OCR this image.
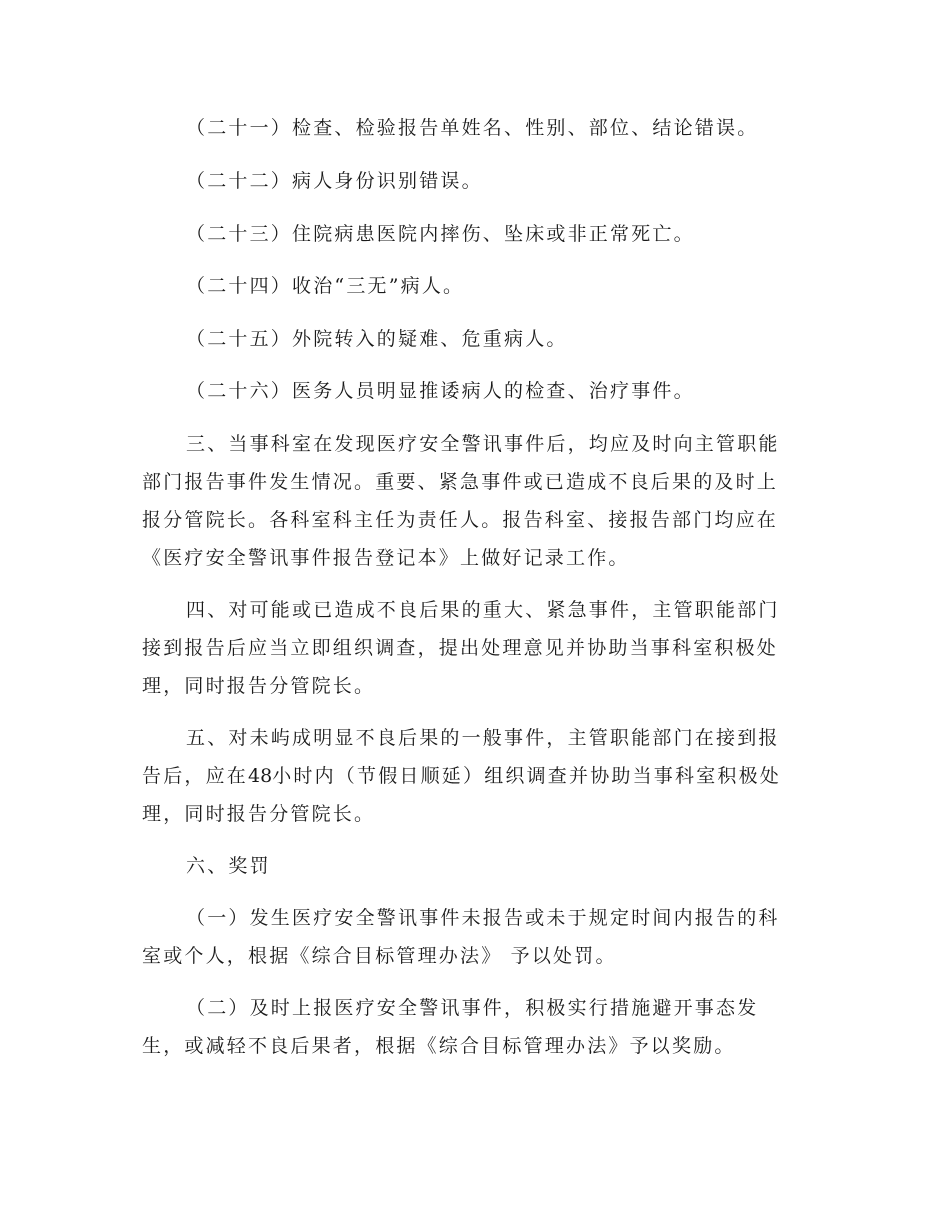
（二十一）检查、检验报告单姓名、性别、部位、结论错误。
（二十二）病人身份识别错误。
（二十三）住院病患医院内摔伤、坠床或非正常死亡。
（二十四）收治“三无”病人。
（二十五）外院转入的疑难、危重病人。
（二十六）医务人员明显推诿病人的检查、治疗事件。
三、当事科室在发现医疗安全警讯事件后，均应及时向主管职能
部门报告事件发生情况。重要、紧急事件或已造成不良后果的及时上
报分管院长。各科室科主任为责任人。报告科室、接报告部门均应在
《医疗安全警讯事件报告登记本》上做好记录工作。
四、对可能或已造成不良后果的重大、紧急事件，主管职能部门
接到报告后应当立即组织调查，提出处理意见并协助当事科室积极处
理，同时报告分管院长。
五、对未屿成明显不良后果的一般事件，主管职能部门在接到报
告后，应在48小时内（节假日顺延）组织调查并协助当事科室积极处
理，同时报告分管院长。
六、奖罚
（一）发生医疗安全警讯事件未报告或未于规定时间内报告的科
室或个人，根据《综合目标管理办法》 予以处罚。
（二）及时上报医疗安全警讯事件，积极实行措施避开事态发
生，或减轻不良后果者，根据《综合目标管理办法》予以奖励。
